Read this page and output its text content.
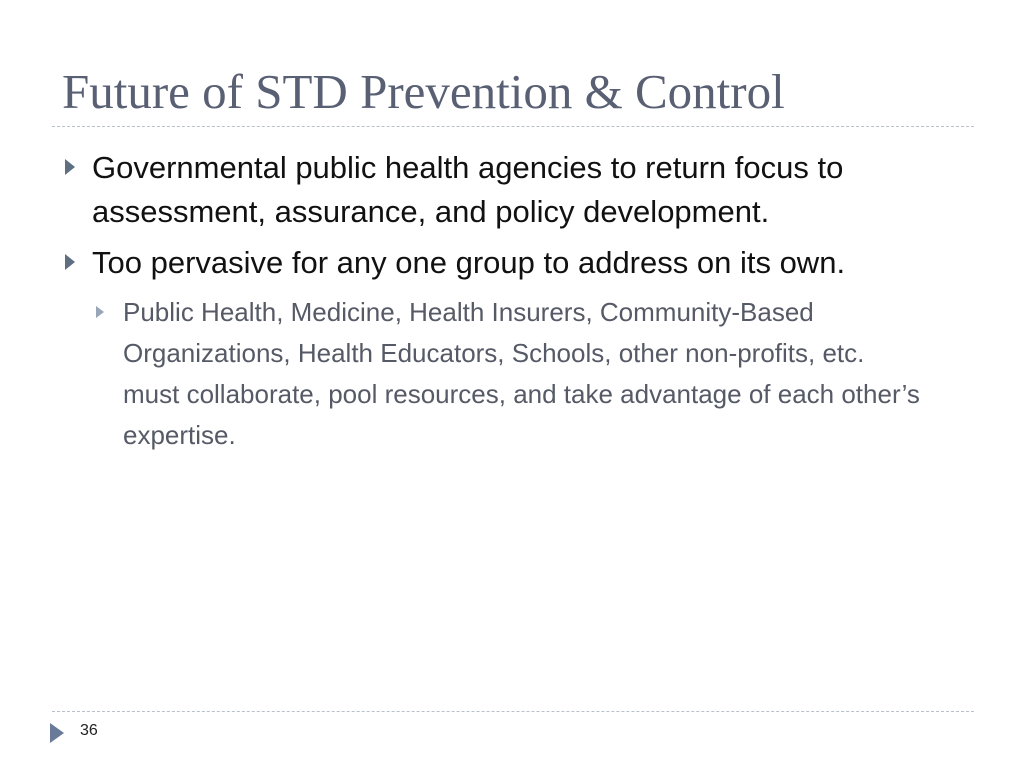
Future of STD Prevention & Control
Governmental public health agencies to return focus to assessment, assurance, and policy development.
Too pervasive for any one group to address on its own.
Public Health, Medicine, Health Insurers, Community-Based Organizations, Health Educators, Schools, other non-profits, etc. must collaborate, pool resources, and take advantage of each other’s expertise.
36
